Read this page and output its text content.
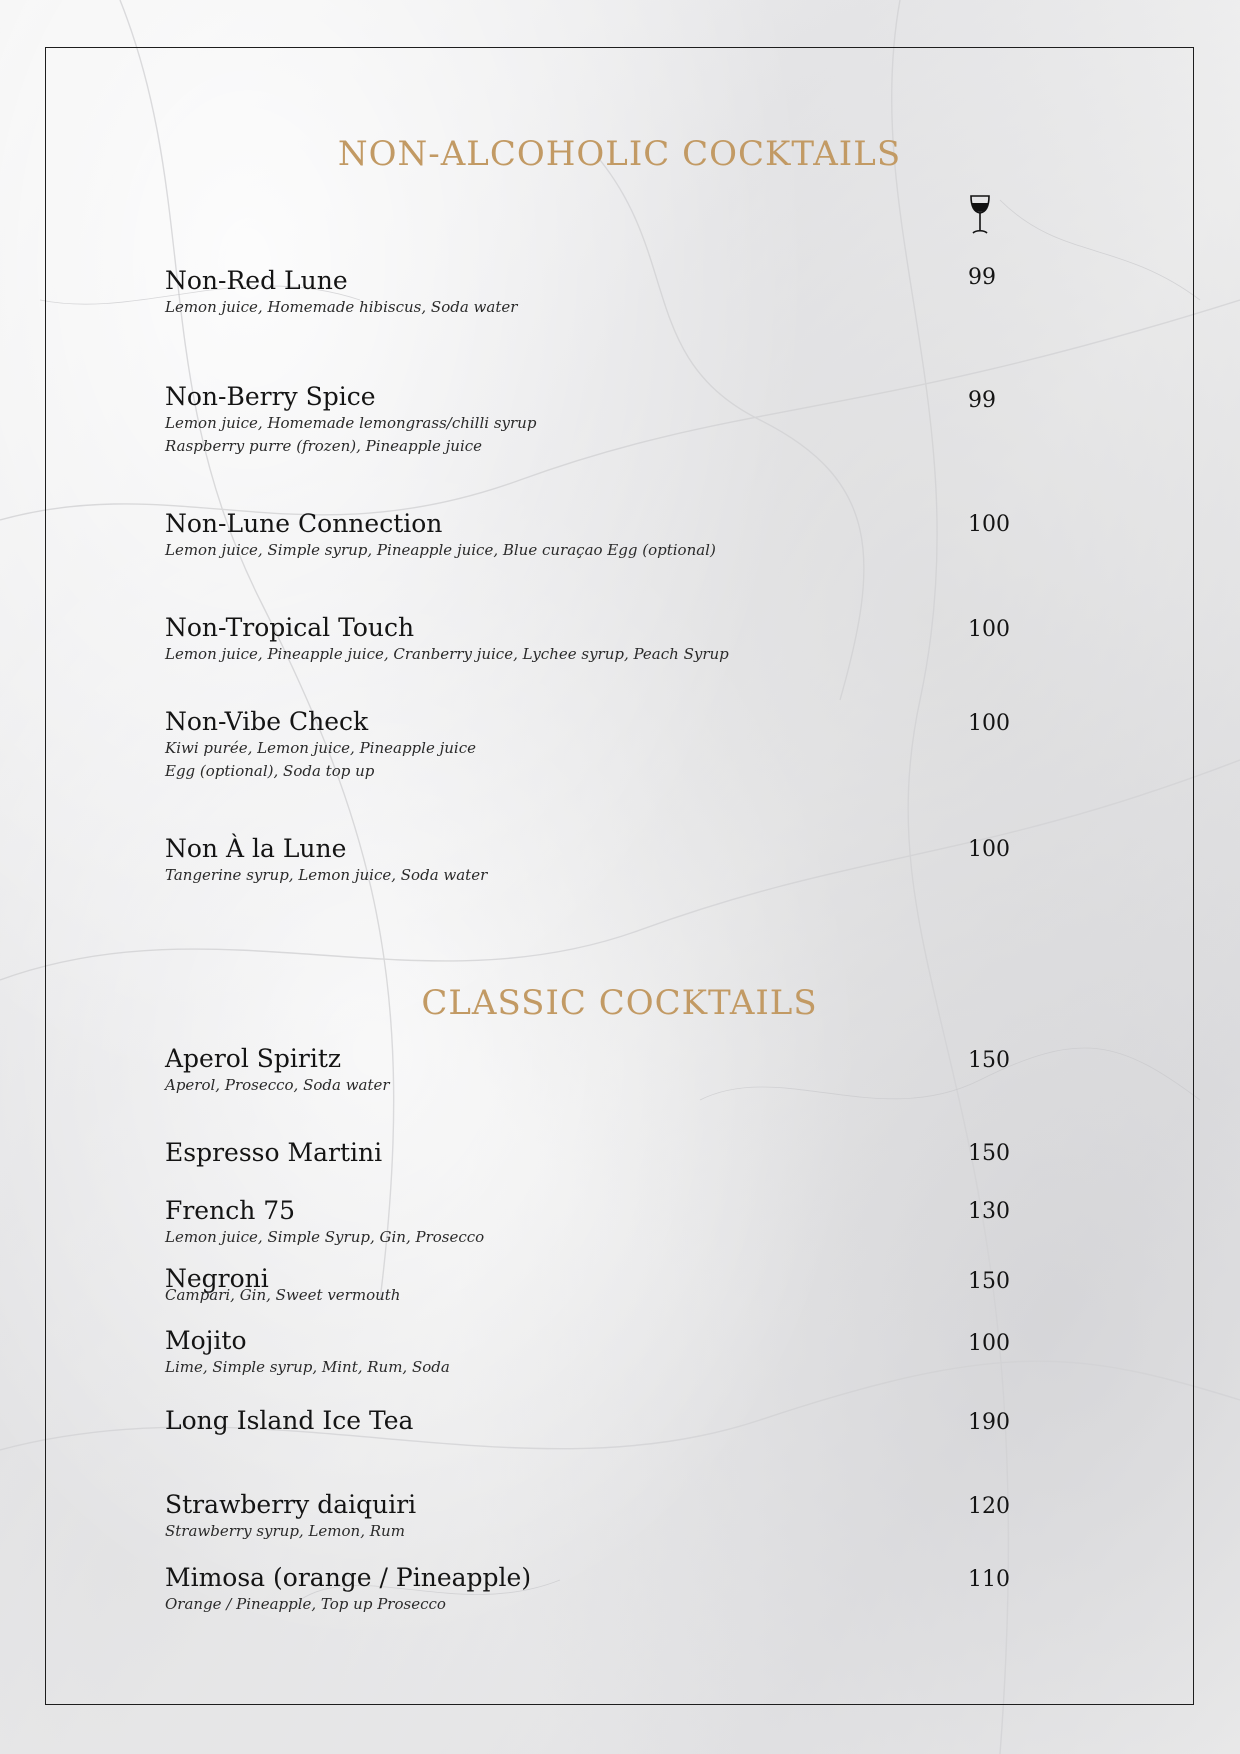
NON-ALCOHOLIC COCKTAILS
Non-Red Lune
Lemon juice, Homemade hibiscus, Soda water
99
Non-Berry Spice
Lemon juice, Homemade lemongrass/chilli syrup
Raspberry purre (frozen), Pineapple juice
99
Non-Lune Connection
Lemon juice, Simple syrup, Pineapple juice, Blue curaçao Egg (optional)
100
Non-Tropical Touch
Lemon juice, Pineapple juice, Cranberry juice, Lychee syrup, Peach Syrup
100
Non-Vibe Check
Kiwi purée, Lemon juice, Pineapple juice
Egg (optional), Soda top up
100
Non À la Lune
Tangerine syrup, Lemon juice, Soda water
100
CLASSIC COCKTAILS
Aperol Spiritz
Aperol, Prosecco, Soda water
150
Espresso Martini	150
French 75
Lemon juice, Simple Syrup, Gin, Prosecco
130
Negroni
Campari, Gin, Sweet vermouth
150
Mojito
Lime, Simple syrup, Mint, Rum, Soda
100
Long Island Ice Tea	190
Strawberry daiquiri
Strawberry syrup, Lemon, Rum
120
Mimosa (orange / Pineapple)
Orange / Pineapple, Top up Prosecco
110
